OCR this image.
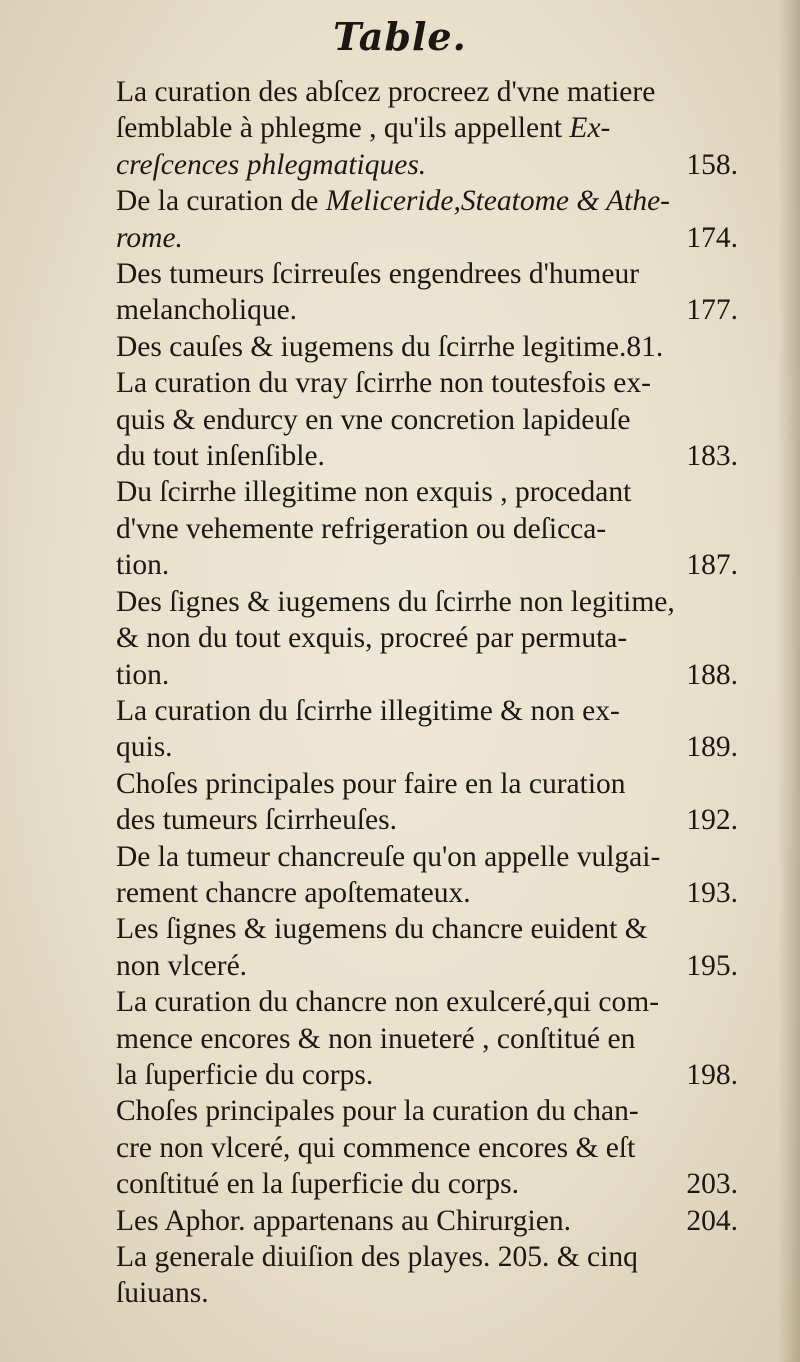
Table.
La curation des abſcez procreez d'vne matiere
ſemblable à phlegme , qu'ils appellent Ex-
creſcences phlegmatiques.	158.
De la curation de Meliceride,Steatome & Athe-
rome.	174.
Des tumeurs ſcirreuſes engendrees d'humeur
melancholique.	177.
Des cauſes & iugemens du ſcirrhe legitime.81.
La curation du vray ſcirrhe non toutesfois ex-
quis & endurcy en vne concretion lapideuſe
du tout inſenſible.	183.
Du ſcirrhe illegitime non exquis , procedant
d'vne vehemente refrigeration ou deſicca-
tion.	187.
Des ſignes & iugemens du ſcirrhe non legitime,
& non du tout exquis, procreé par permuta-
tion.	188.
La curation du ſcirrhe illegitime & non ex-
quis.	189.
Choſes principales pour faire en la curation
des tumeurs ſcirrheuſes.	192.
De la tumeur chancreuſe qu'on appelle vulgai-
rement chancre apoſtemateux.	193.
Les ſignes & iugemens du chancre euident &
non vlceré.	195.
La curation du chancre non exulceré,qui com-
mence encores & non inueteré , conſtitué en
la ſuperficie du corps.	198.
Choſes principales pour la curation du chan-
cre non vlceré, qui commence encores & eſt
conſtitué en la ſuperficie du corps.	203.
Les Aphor. appartenans au Chirurgien.	204.
La generale diuiſion des playes. 205. & cinq
ſuiuans.
